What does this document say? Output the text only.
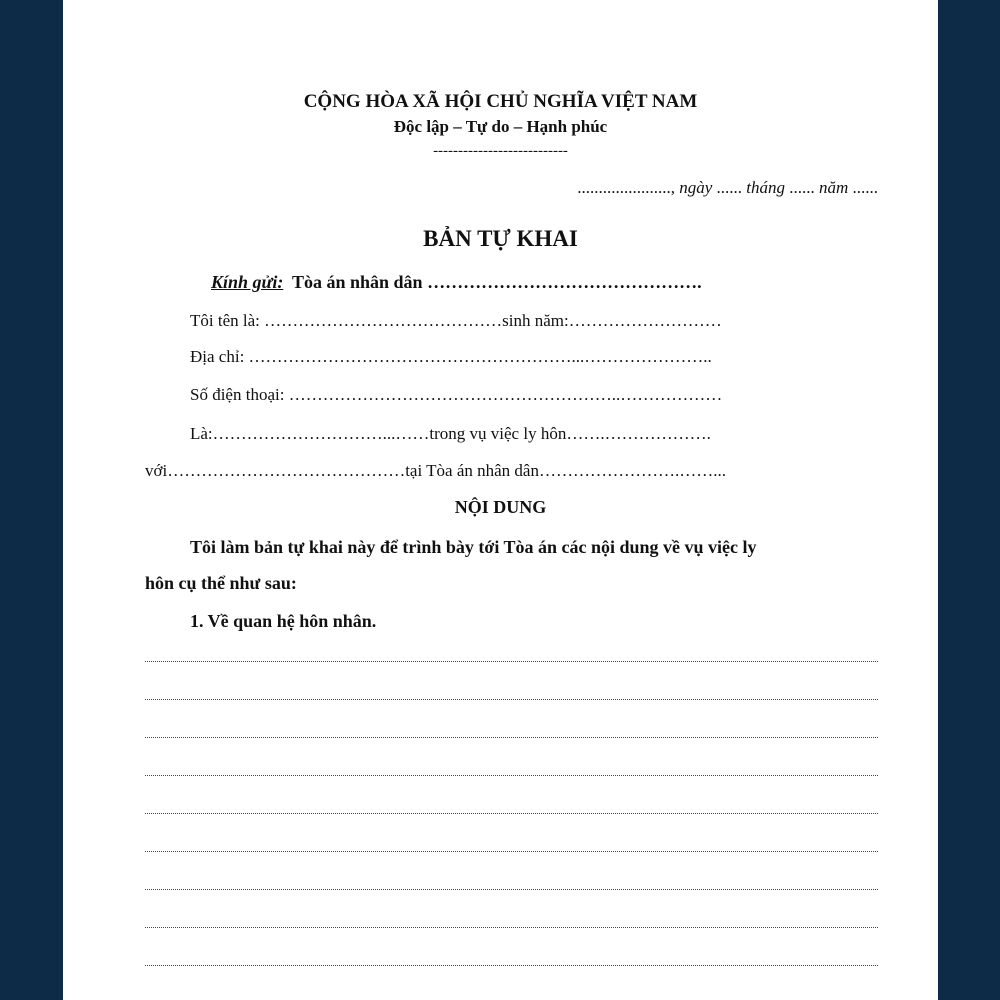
CỘNG HÒA XÃ HỘI CHỦ NGHĨA VIỆT NAM
Độc lập – Tự do – Hạnh phúc
---------------------------
......................, ngày ...... tháng ...... năm ......
BẢN TỰ KHAI
Kính gửi: Tòa án nhân dân ……………………………………….
Tôi tên là: ……………………………………sinh năm:………………………
Địa chỉ: …………………………………………………...…………………..
Số điện thoại: …………………………………………………..………………
Là:…………………………...……trong vụ việc ly hôn…….……………….
với……………………………………tại Tòa án nhân dân…………………….……...
NỘI DUNG
Tôi làm bản tự khai này để trình bày tới Tòa án các nội dung về vụ việc ly
hôn cụ thể như sau:
1. Về quan hệ hôn nhân.
